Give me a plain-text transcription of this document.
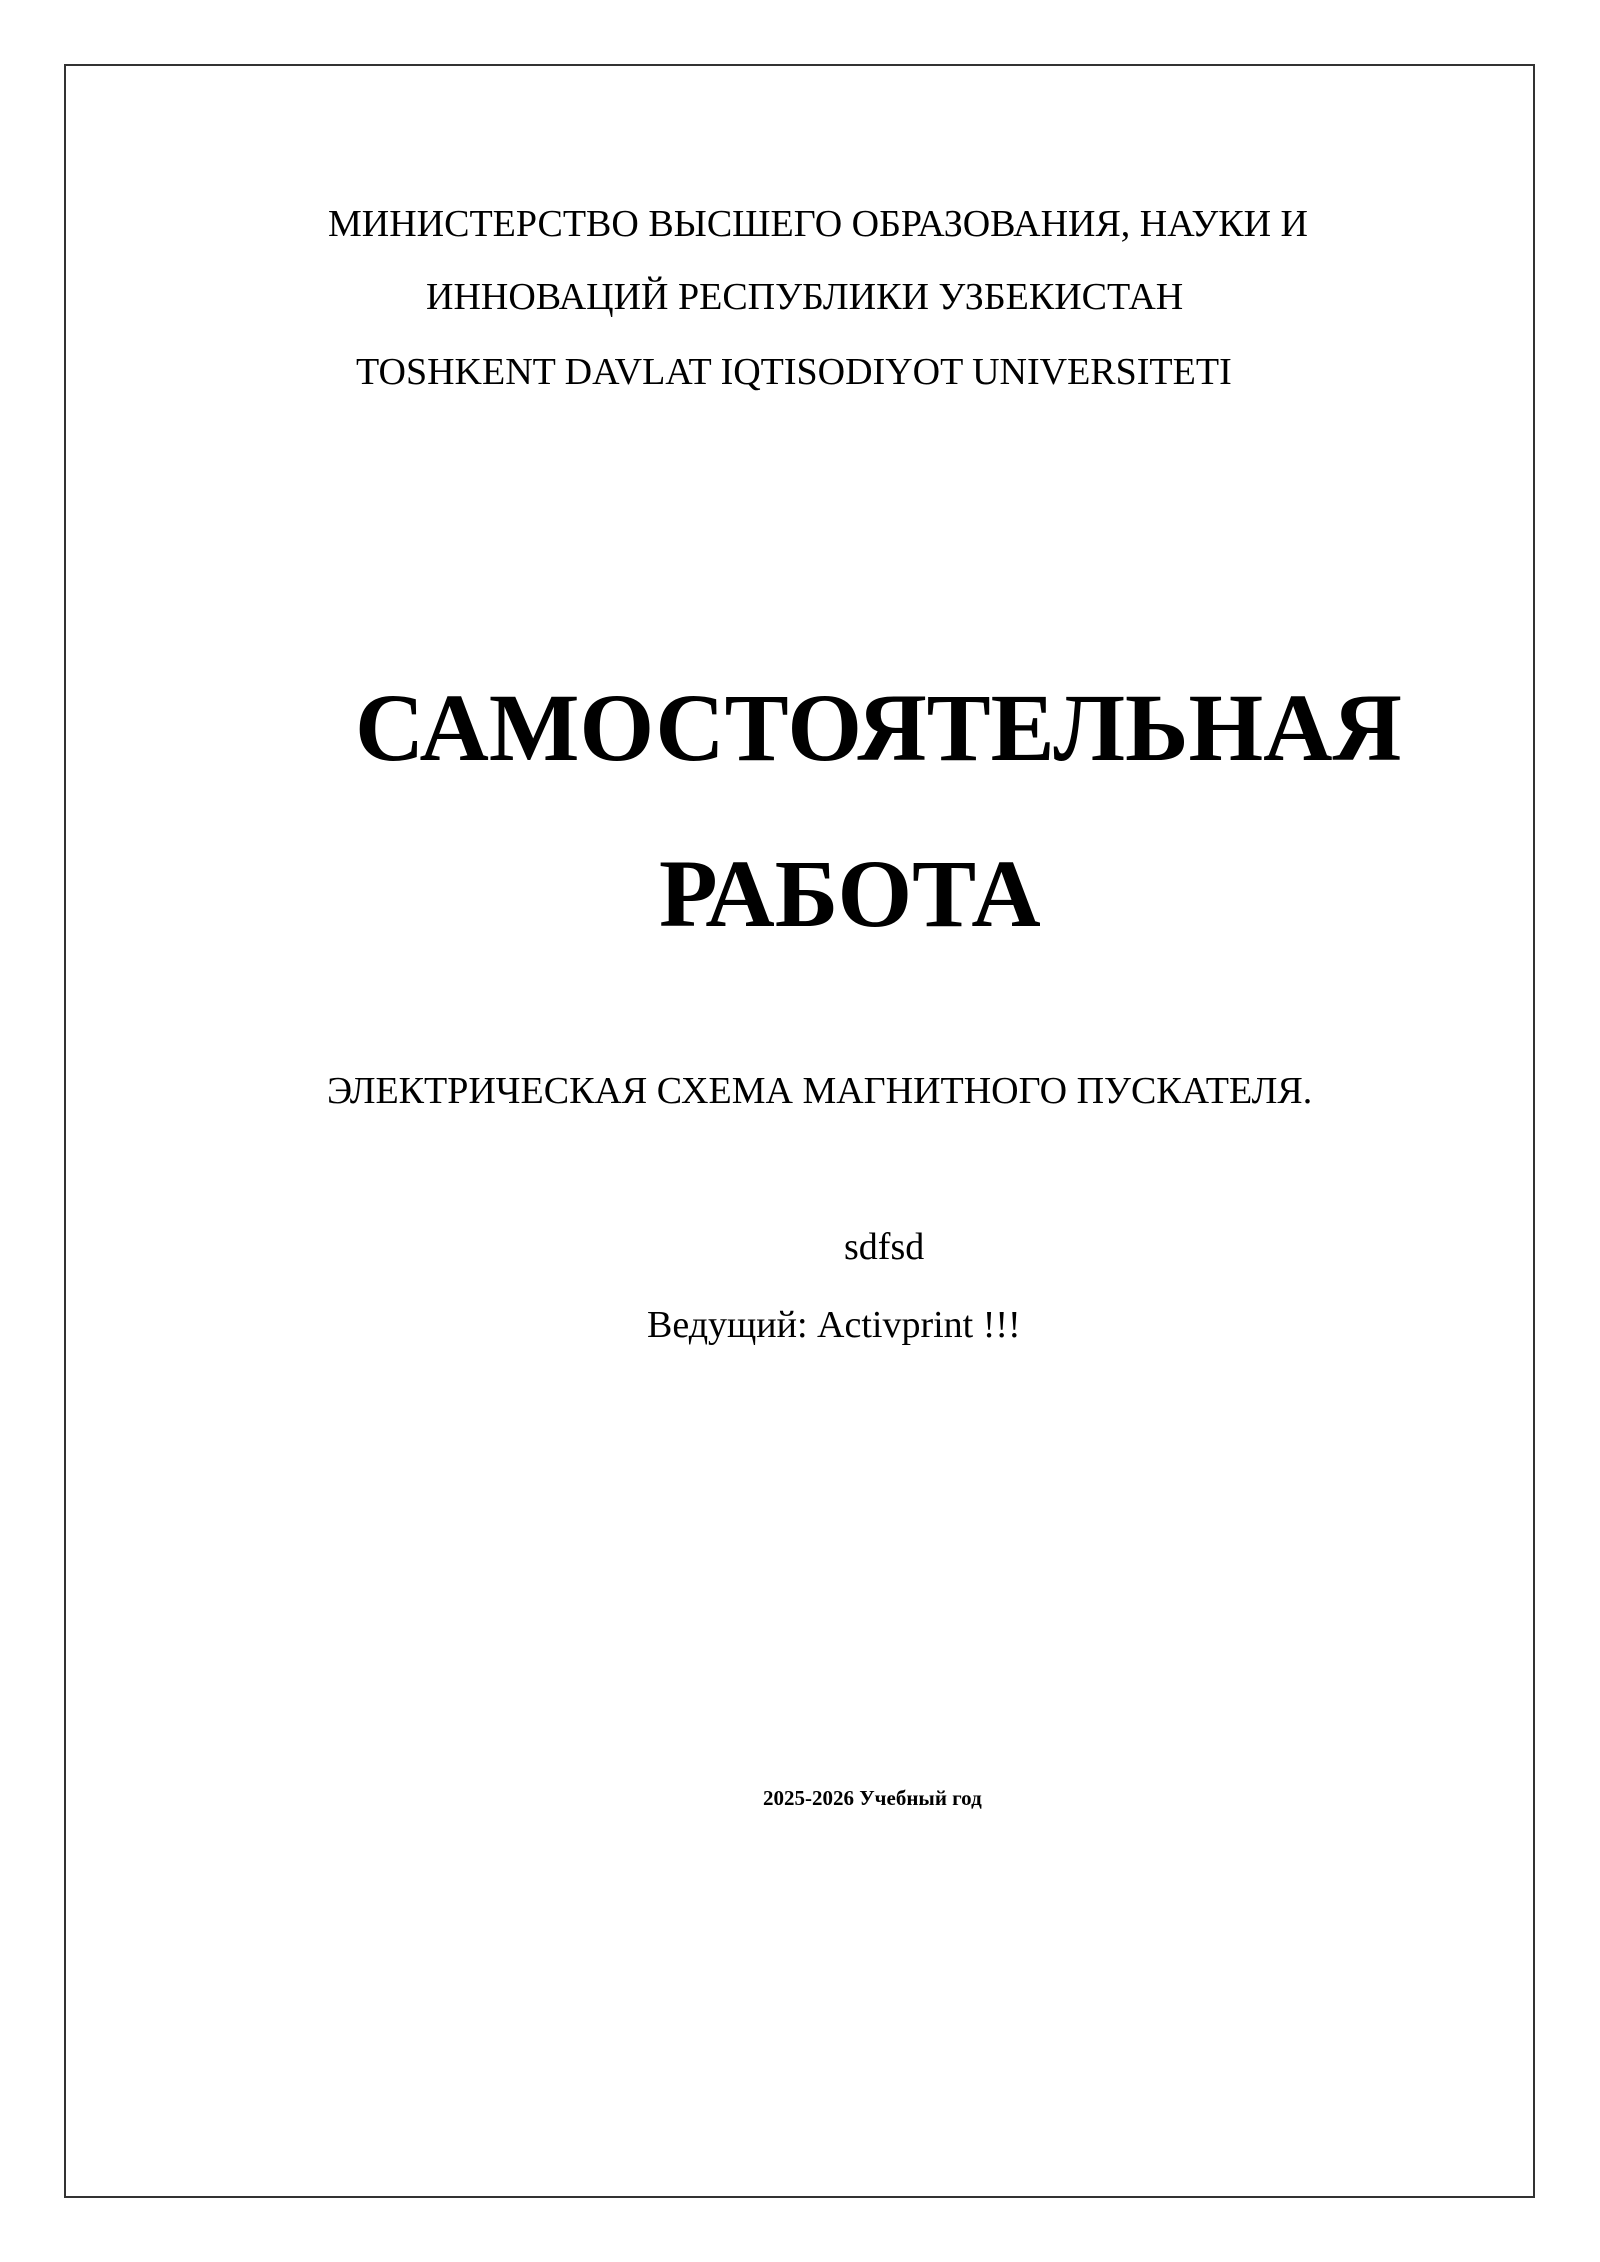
МИНИСТЕРСТВО ВЫСШЕГО ОБРАЗОВАНИЯ, НАУКИ И
ИННОВАЦИЙ РЕСПУБЛИКИ УЗБЕКИСТАН
TOSHKENT DAVLAT IQTISODIYOT UNIVERSITETI
САМОСТОЯТЕЛЬНАЯ
РАБОТА
ЭЛЕКТРИЧЕСКАЯ СХЕМА МАГНИТНОГО ПУСКАТЕЛЯ.
sdfsd
Ведущий: Activprint !!!
2025-2026 Учебный год
